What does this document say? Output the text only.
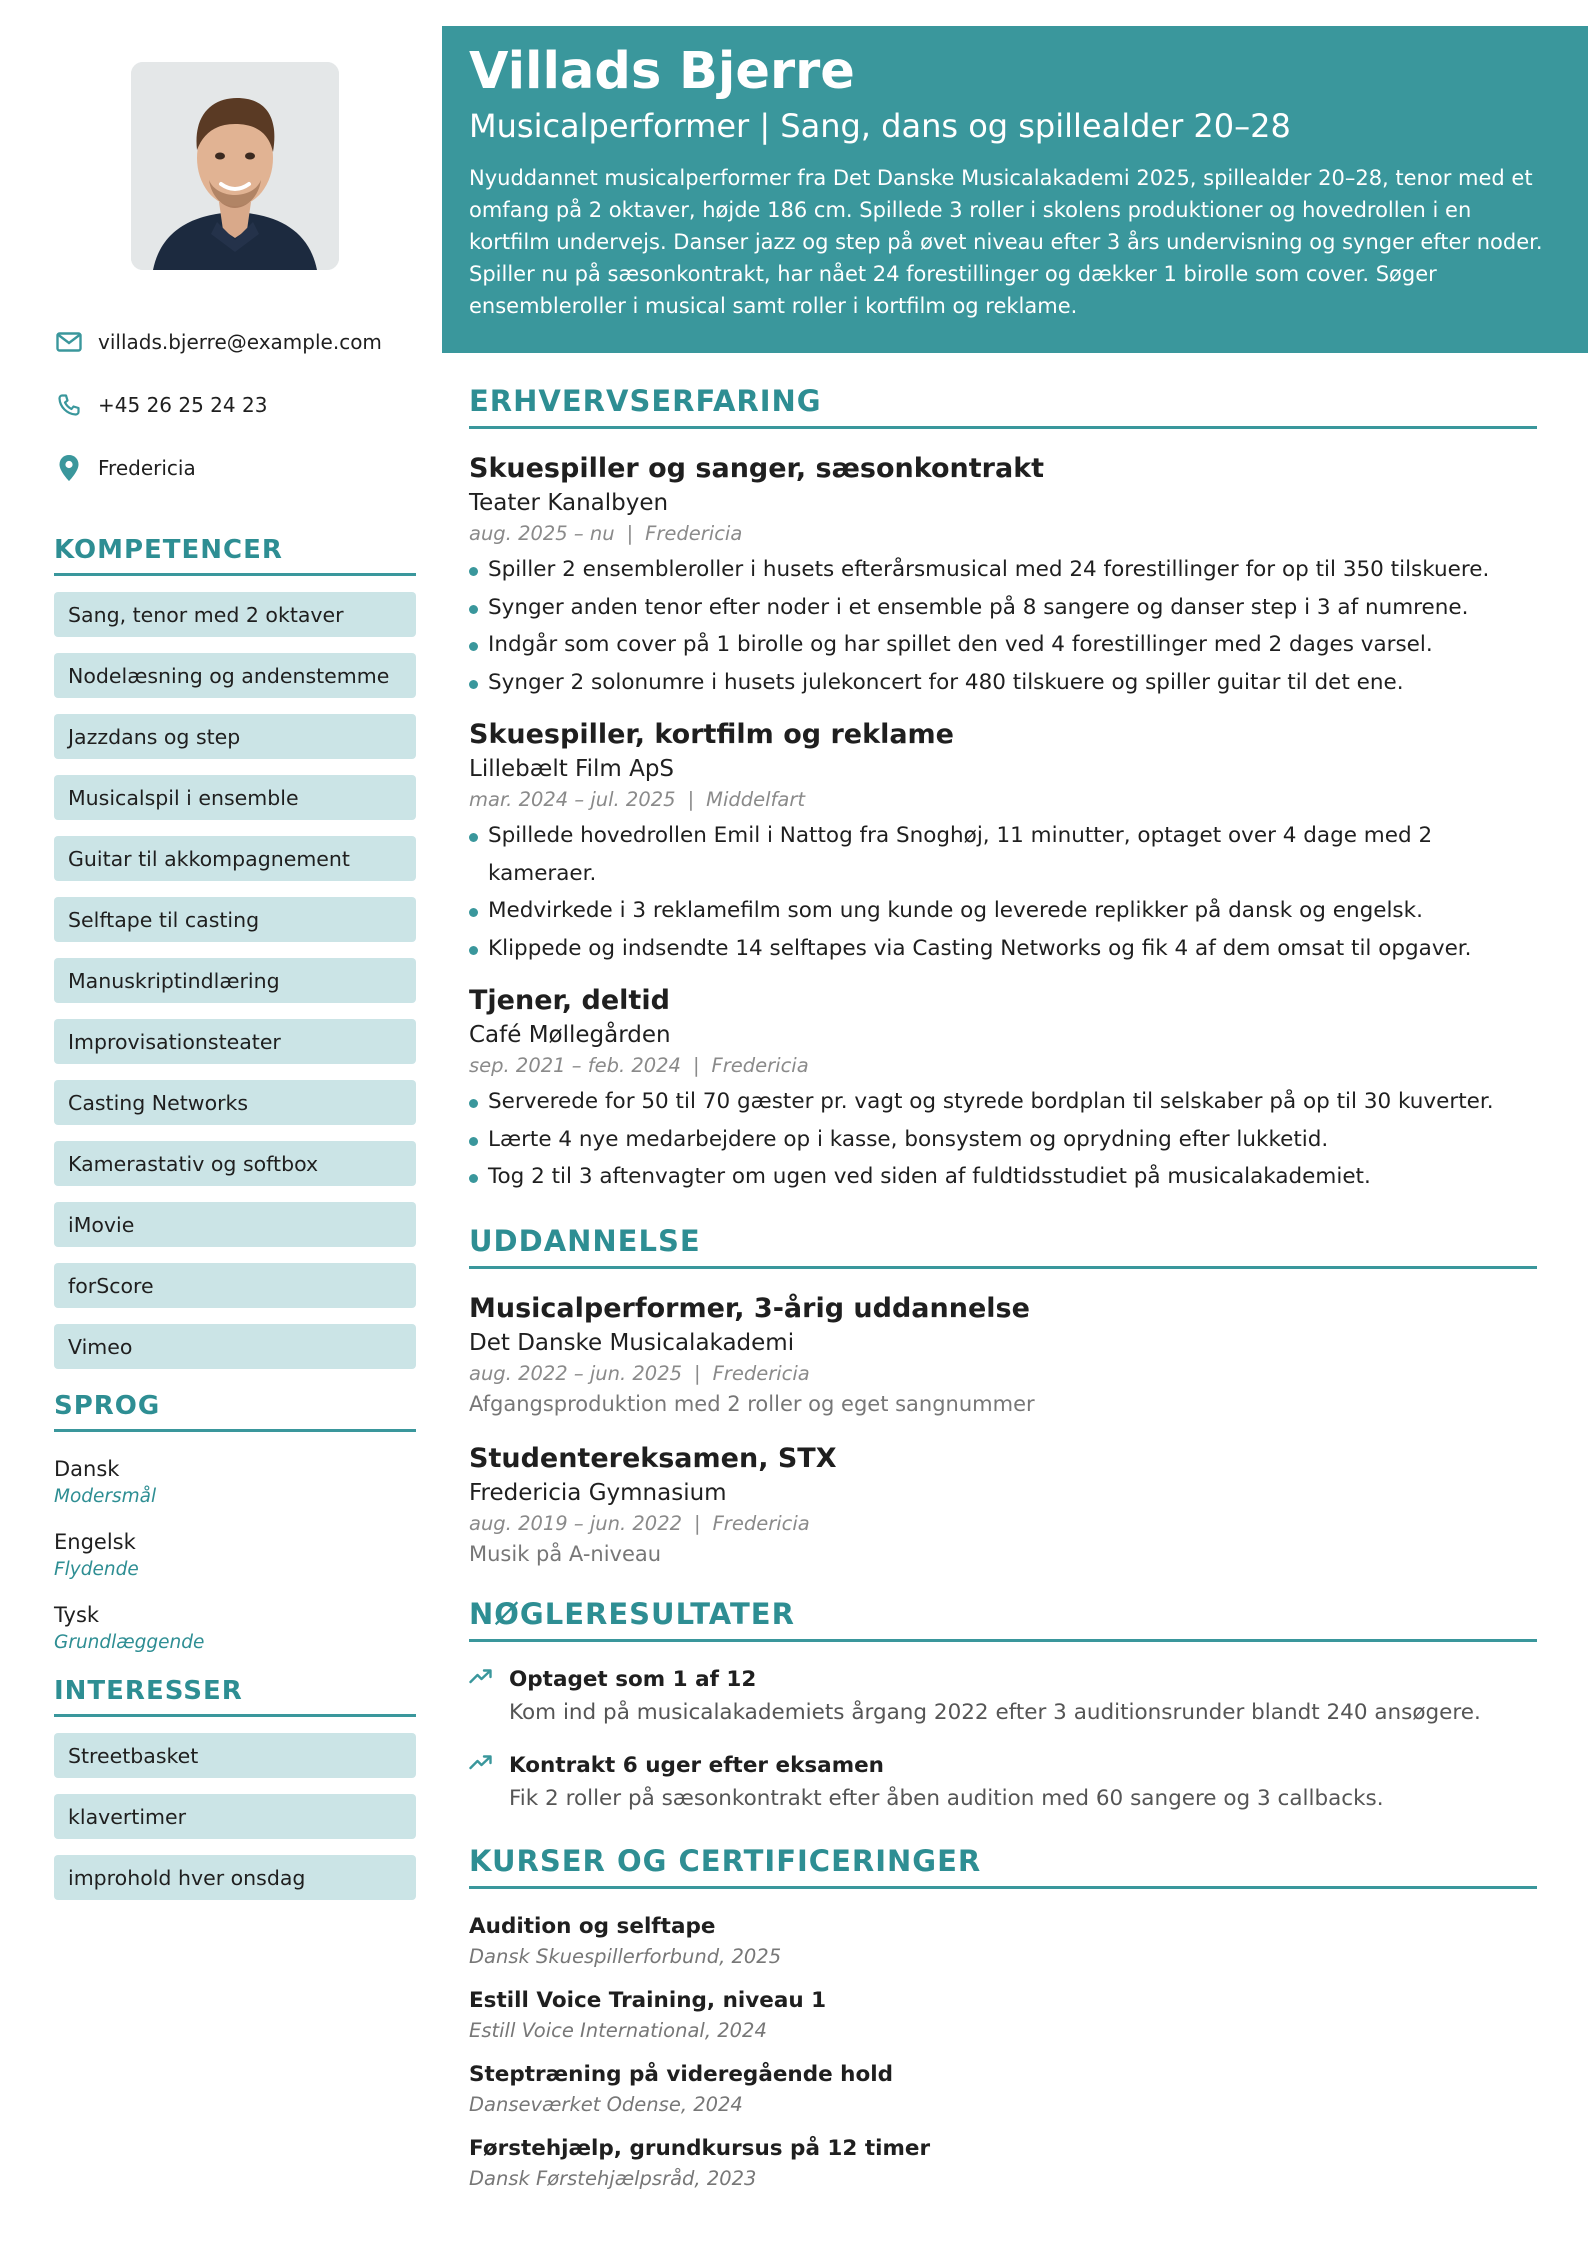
villads.bjerre@example.com
+45 26 25 24 23
Fredericia
KOMPETENCER
Sang, tenor med 2 oktaver
Nodelæsning og andenstemme
Jazzdans og step
Musicalspil i ensemble
Guitar til akkompagnement
Selftape til casting
Manuskriptindlæring
Improvisationsteater
Casting Networks
Kamerastativ og softbox
iMovie
forScore
Vimeo
SPROG
Dansk
Modersmål
Engelsk
Flydende
Tysk
Grundlæggende
INTERESSER
Streetbasket
klavertimer
improhold hver onsdag
Villads Bjerre
Musicalperformer | Sang, dans og spillealder 20–28

Nyuddannet musicalperformer fra Det Danske Musicalakademi 2025, spillealder 20–28, tenor med et omfang på 2 oktaver, højde 186 cm. Spillede 3 roller i skolens produktioner og hovedrollen i en kortfilm undervejs. Danser jazz og step på øvet niveau efter 3 års undervisning og synger efter noder. Spiller nu på sæsonkontrakt, har nået 24 forestillinger og dækker 1 birolle som cover. Søger ensembleroller i musical samt roller i kortfilm og reklame.

ERHVERVSERFARING
Skuespiller og sanger, sæsonkontrakt
Teater Kanalbyen
aug. 2025 – nu | Fredericia
Spiller 2 ensembleroller i husets efterårsmusical med 24 forestillinger for op til 350 tilskuere.
Synger anden tenor efter noder i et ensemble på 8 sangere og danser step i 3 af numrene.
Indgår som cover på 1 birolle og har spillet den ved 4 forestillinger med 2 dages varsel.
Synger 2 solonumre i husets julekoncert for 480 tilskuere og spiller guitar til det ene.
Skuespiller, kortfilm og reklame
Lillebælt Film ApS
mar. 2024 – jul. 2025 | Middelfart
Spillede hovedrollen Emil i Nattog fra Snoghøj, 11 minutter, optaget over 4 dage med 2 kameraer.
Medvirkede i 3 reklamefilm som ung kunde og leverede replikker på dansk og engelsk.
Klippede og indsendte 14 selftapes via Casting Networks og fik 4 af dem omsat til opgaver.
Tjener, deltid
Café Møllegården
sep. 2021 – feb. 2024 | Fredericia
Serverede for 50 til 70 gæster pr. vagt og styrede bordplan til selskaber på op til 30 kuverter.
Lærte 4 nye medarbejdere op i kasse, bonsystem og oprydning efter lukketid.
Tog 2 til 3 aftenvagter om ugen ved siden af fuldtidsstudiet på musicalakademiet.
UDDANNELSE
Musicalperformer, 3-årig uddannelse
Det Danske Musicalakademi
aug. 2022 – jun. 2025 | Fredericia
Afgangsproduktion med 2 roller og eget sangnummer
Studentereksamen, STX
Fredericia Gymnasium
aug. 2019 – jun. 2022 | Fredericia
Musik på A-niveau
NØGLERESULTATER
Optaget som 1 af 12
Kom ind på musicalakademiets årgang 2022 efter 3 auditionsrunder blandt 240 ansøgere.
Kontrakt 6 uger efter eksamen
Fik 2 roller på sæsonkontrakt efter åben audition med 60 sangere og 3 callbacks.
KURSER OG CERTIFICERINGER
Audition og selftape
Dansk Skuespillerforbund, 2025
Estill Voice Training, niveau 1
Estill Voice International, 2024
Steptræning på videregående hold
Danseværket Odense, 2024
Førstehjælp, grundkursus på 12 timer
Dansk Førstehjælpsråd, 2023
